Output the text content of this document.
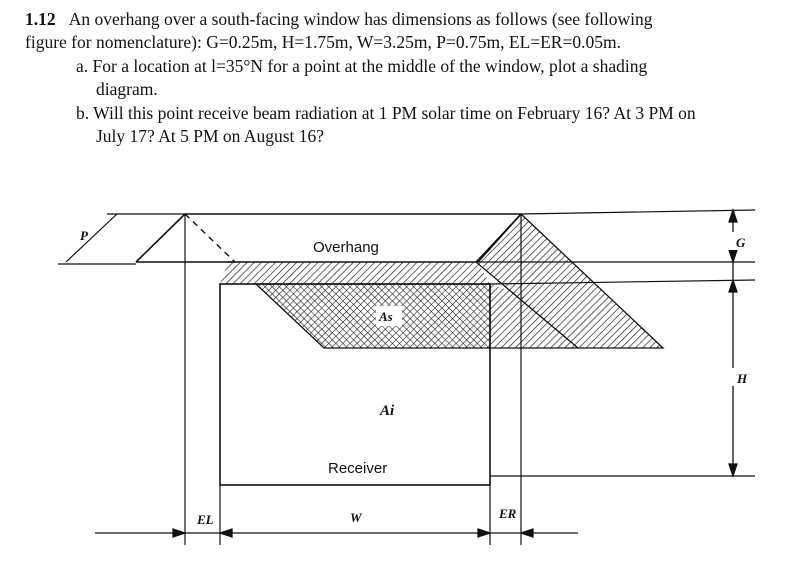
1.12 An overhang over a south-facing window has dimensions as follows (see following
figure for nomenclature): G=0.25m, H=1.75m, W=3.25m, P=0.75m, EL=ER=0.05m.
a. For a location at l=35°N for a point at the middle of the window, plot a shading
diagram.
b. Will this point receive beam radiation at 1 PM solar time on February 16? At 3 PM on
July 17? At 5 PM on August 16?
P
As
Overhang
Ai
Receiver
G
H
EL	W	ER
